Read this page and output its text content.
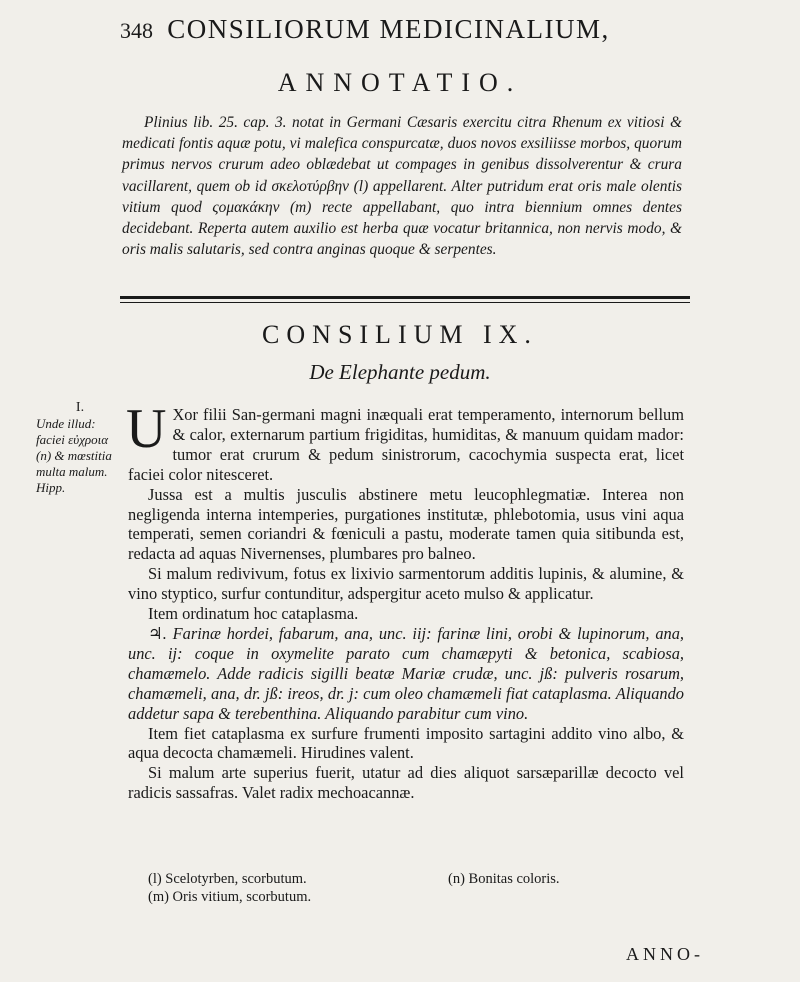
348 CONSILIORUM MEDICINALIUM,
ANNOTATIO.

Plinius lib. 25. cap. 3. notat in Germani Cæsaris exercitu citra Rhenum ex vitiosi & medicati fontis aquæ potu, vi malefica conspurcatæ, duos novos exsiliisse morbos, quorum primus nervos crurum adeo oblædebat ut compages in genibus dissolverentur & crura vacillarent, quem ob id σκελοτύρβην (l) appellarent. Alter putridum erat oris male olentis vitium quod ςομακάκην (m) recte appellabant, quo intra biennium omnes dentes decidebant. Reperta autem auxilio est herba quæ vocatur britannica, non nervis modo, & oris malis salutaris, sed contra anginas quoque & serpentes.

CONSILIUM IX.
De Elephante pedum.
I.
Unde illud: faciei εὐχροια (n) & mœstitia multa malum. Hipp.

U Xor filii San-germani magni inæquali erat temperamento, internorum bellum & calor, externarum partium frigiditas, humiditas, & manuum quidam mador: tumor erat crurum & pedum sinistrorum, cacochymia suspecta erat, licet faciei color nitesceret.

Jussa est a multis jusculis abstinere metu leucophlegmatiæ. Interea non negligenda interna intemperies, purgationes institutæ, phlebotomia, usus vini aqua temperati, semen coriandri & fœniculi a pastu, moderate tamen quia sitibunda est, redacta ad aquas Nivernenses, plumbares pro balneo.

Si malum redivivum, fotus ex lixivio sarmentorum additis lupinis, & alumine, & vino styptico, surfur contunditur, adspergitur aceto mulso & applicatur.

Item ordinatum hoc cataplasma.

♃. Farinæ hordei, fabarum, ana, unc. iij: farinæ lini, orobi & lupinorum, ana, unc. ij: coque in oxymelite parato cum chamæpyti & betonica, scabiosa, chamæmelo. Adde radicis sigilli beatæ Mariæ crudæ, unc. jß: pulveris rosarum, chamæmeli, ana, dr. jß: ireos, dr. j: cum oleo chamæmeli fiat cataplasma. Aliquando addetur sapa & terebenthina. Aliquando parabitur cum vino.

Item fiet cataplasma ex surfure frumenti imposito sartagini addito vino albo, & aqua decocta chamæmeli. Hirudines valent.

Si malum arte superius fuerit, utatur ad dies aliquot sarsæparillæ decocto vel radicis sassafras. Valet radix mechoacannæ.

(l) Scelotyrben, scorbutum.	(n) Bonitas coloris.
(m) Oris vitium, scorbutum.
ANNO-
